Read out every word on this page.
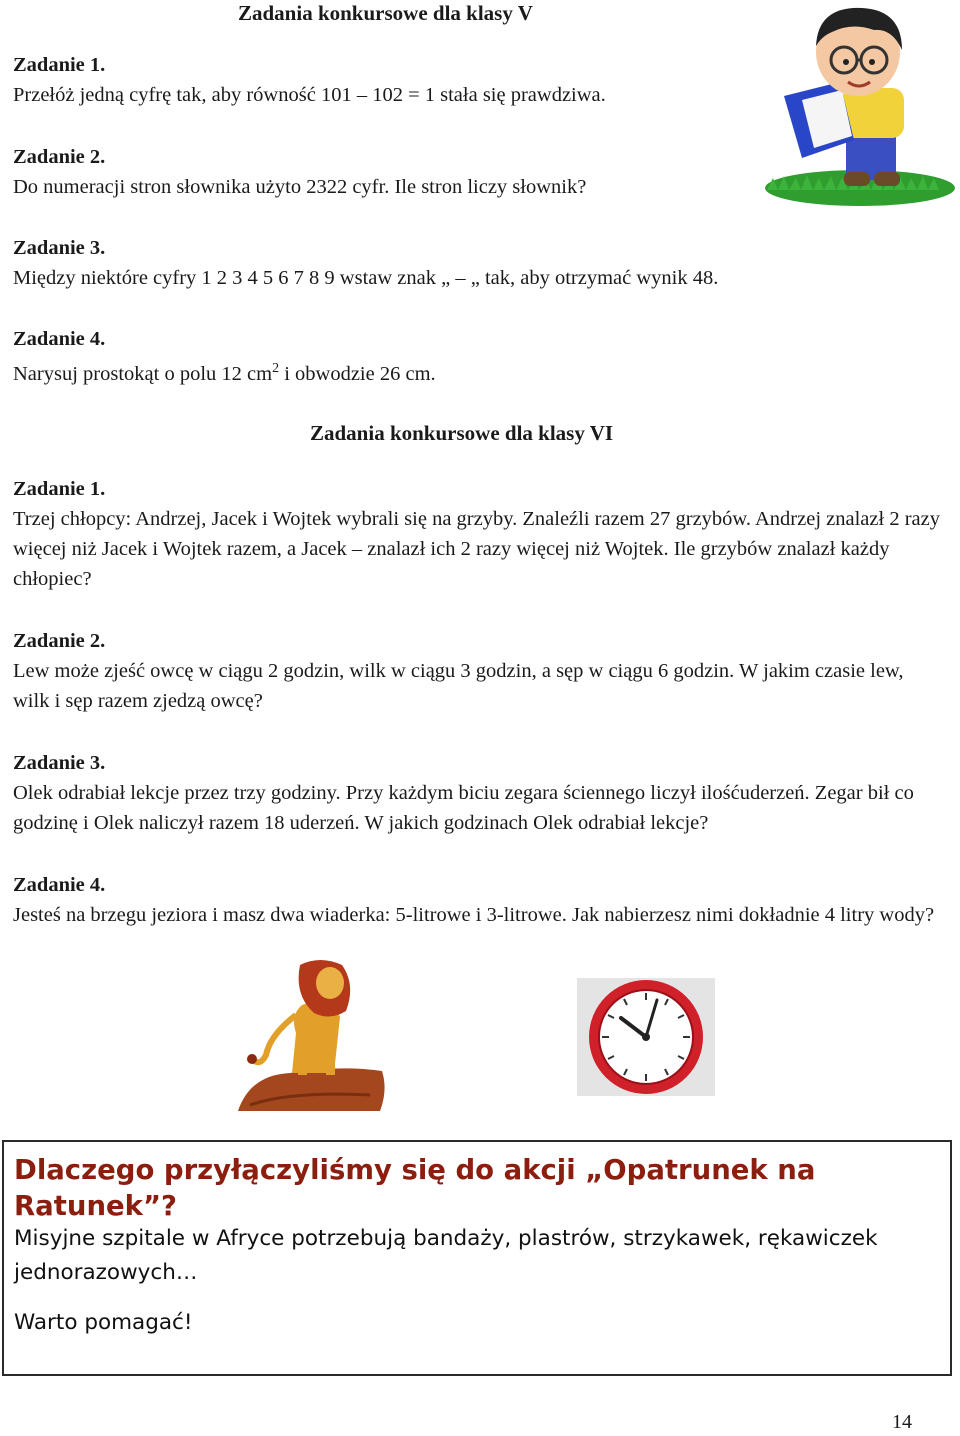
Zadania konkursowe dla klasy V
Zadanie 1.
Przełóż jedną cyfrę tak, aby równość 101 – 102 = 1 stała się prawdziwa.
Zadanie 2.
Do numeracji stron słownika użyto 2322 cyfr. Ile stron liczy słownik?
Zadanie 3.
Między niektóre cyfry 1 2 3 4 5 6 7 8 9 wstaw znak „ – „ tak, aby otrzymać wynik 48.
Zadanie 4.
Narysuj prostokąt o polu 12 $cm^2$ i obwodzie 26 cm.
Zadania konkursowe dla klasy VI
Zadanie 1.
Trzej chłopcy: Andrzej, Jacek i Wojtek wybrali się na grzyby. Znaleźli razem 27 grzybów. Andrzej znalazł 2 razy więcej niż Jacek i Wojtek razem, a Jacek – znalazł ich 2 razy więcej niż Wojtek. Ile grzybów znalazł każdy chłopiec?
Zadanie 2.
Lew może zjeść owcę w ciągu 2 godzin, wilk w ciągu 3 godzin, a sęp w ciągu 6 godzin. W jakim czasie lew, wilk i sęp razem zjedzą owcę?
Zadanie 3.
Olek odrabiał lekcje przez trzy godziny. Przy każdym biciu zegara ściennego liczył ilośćuderzeń. Zegar bił co godzinę i Olek naliczył razem 18 uderzeń. W jakich godzinach Olek odrabiał lekcje?
Zadanie 4.
Jesteś na brzegu jeziora i masz dwa wiaderka: 5-litrowe i 3-litrowe. Jak nabierzesz nimi dokładnie 4 litry wody?
Dlaczego przyłączyliśmy się do akcji „Opatrunek na Ratunek”?
Misyjne szpitale w Afryce potrzebują bandaży, plastrów, strzykawek, rękawiczek jednorazowych…
Warto pomagać!
14
